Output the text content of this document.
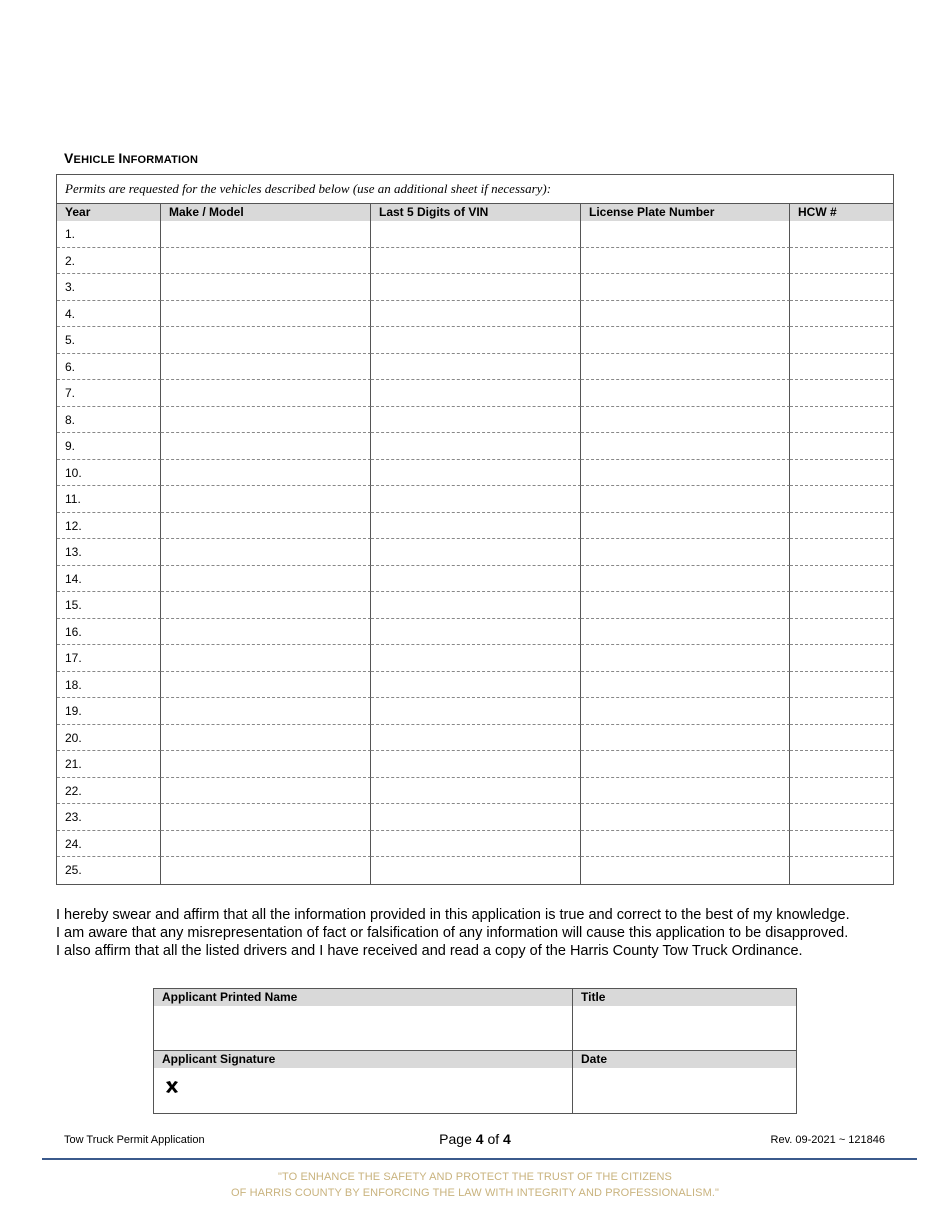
VEHICLE INFORMATION
Permits are requested for the vehicles described below (use an additional sheet if necessary):
Year	Make / Model	Last 5 Digits of VIN	License Plate Number	HCW #
1.
2.
3.
4.
5.
6.
7.
8.
9.
10.
11.
12.
13.
14.
15.
16.
17.
18.
19.
20.
21.
22.
23.
24.
25.
I hereby swear and affirm that all the information provided in this application is true and correct to the best of my knowledge.
I am aware that any misrepresentation of fact or falsification of any information will cause this application to be disapproved.
I also affirm that all the listed drivers and I have received and read a copy of the Harris County Tow Truck Ordinance.
Applicant Printed Name	Title
Applicant Signature	Date
Tow Truck Permit Application	Page 4 of 4	Rev. 09-2021 ~ 121846
"TO ENHANCE THE SAFETY AND PROTECT THE TRUST OF THE CITIZENS
OF HARRIS COUNTY BY ENFORCING THE LAW WITH INTEGRITY AND PROFESSIONALISM."
